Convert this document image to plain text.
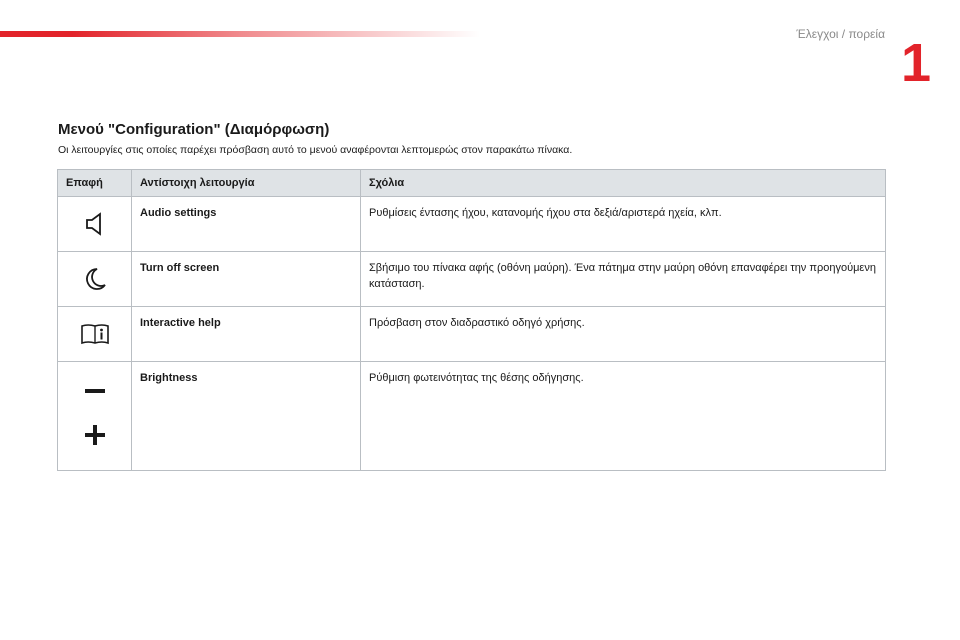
Έλεγχοι / πορεία 1
Μενού "Configuration" (Διαμόρφωση)
Οι λειτουργίες στις οποίες παρέχει πρόσβαση αυτό το μενού αναφέρονται λεπτομερώς στον παρακάτω πίνακα.
Επαφή	Αντίστοιχη λειτουργία	Σχόλια

	Audio settings	Ρυθμίσεις έντασης ήχου, κατανομής ήχου στα δεξιά/αριστερά ηχεία, κλπ.

	Turn off screen	Σβήσιμο του πίνακα αφής (οθόνη μαύρη). Ένα πάτημα στην μαύρη οθόνη επαναφέρει την προηγούμενη κατάσταση.

	Interactive help	Πρόσβαση στον διαδραστικό οδηγό χρήσης.

	Brightness	Ρύθμιση φωτεινότητας της θέσης οδήγησης.
